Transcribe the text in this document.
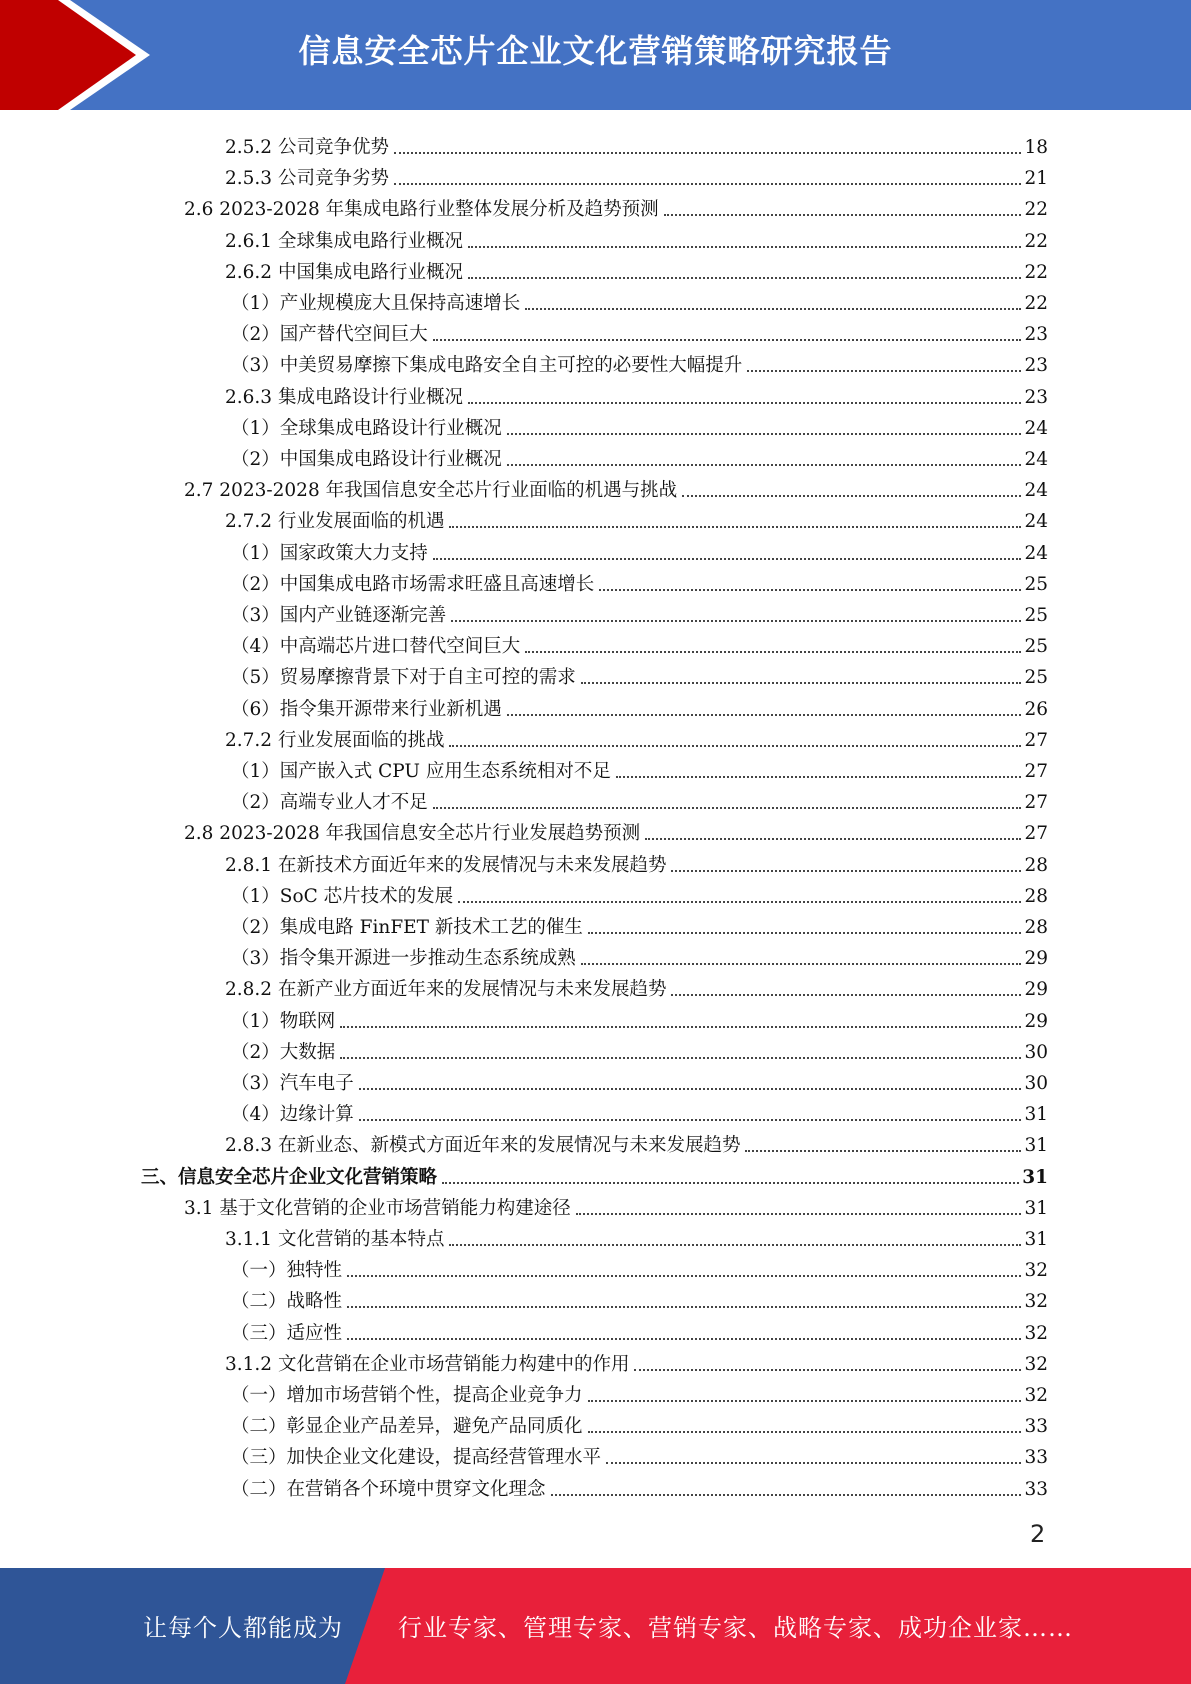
信息安全芯片企业文化营销策略研究报告
2.5.2 公司竞争优势	18
2.5.3 公司竞争劣势	21
2.6 2023-2028 年集成电路行业整体发展分析及趋势预测	22
2.6.1 全球集成电路行业概况	22
2.6.2 中国集成电路行业概况	22
（1）产业规模庞大且保持高速增长	22
（2）国产替代空间巨大	23
（3）中美贸易摩擦下集成电路安全自主可控的必要性大幅提升	23
2.6.3 集成电路设计行业概况	23
（1）全球集成电路设计行业概况	24
（2）中国集成电路设计行业概况	24
2.7 2023-2028 年我国信息安全芯片行业面临的机遇与挑战	24
2.7.2 行业发展面临的机遇	24
（1）国家政策大力支持	24
（2）中国集成电路市场需求旺盛且高速增长	25
（3）国内产业链逐渐完善	25
（4）中高端芯片进口替代空间巨大	25
（5）贸易摩擦背景下对于自主可控的需求	25
（6）指令集开源带来行业新机遇	26
2.7.2 行业发展面临的挑战	27
（1）国产嵌入式 CPU 应用生态系统相对不足	27
（2）高端专业人才不足	27
2.8 2023-2028 年我国信息安全芯片行业发展趋势预测	27
2.8.1 在新技术方面近年来的发展情况与未来发展趋势	28
（1）SoC 芯片技术的发展	28
（2）集成电路 FinFET 新技术工艺的催生	28
（3）指令集开源进一步推动生态系统成熟	29
2.8.2 在新产业方面近年来的发展情况与未来发展趋势	29
（1）物联网	29
（2）大数据	30
（3）汽车电子	30
（4）边缘计算	31
2.8.3 在新业态、新模式方面近年来的发展情况与未来发展趋势	31
三、信息安全芯片企业文化营销策略	31
3.1 基于文化营销的企业市场营销能力构建途径	31
3.1.1 文化营销的基本特点	31
（一）独特性	32
（二）战略性	32
（三）适应性	32
3.1.2 文化营销在企业市场营销能力构建中的作用	32
（一）增加市场营销个性，提高企业竞争力	32
（二）彰显企业产品差异，避免产品同质化	33
（三）加快企业文化建设，提高经营管理水平	33
（二）在营销各个环境中贯穿文化理念	33
2
让每个人都能成为 行业专家、管理专家、营销专家、战略专家、成功企业家……
